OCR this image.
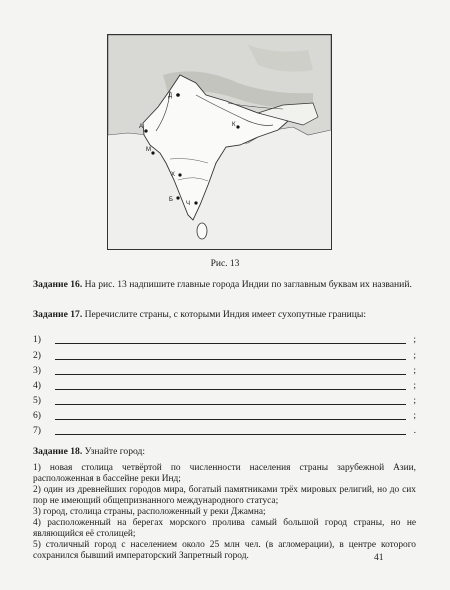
Д
А
М
Х
Б
Ч
К
Рис. 13
Задание 16. На рис. 13 надпишите главные города Индии по заглавным буквам их названий.
Задание 17. Перечислите страны, с которыми Индия имеет сухопутные границы:
1)	;
2)	;
3)	;
4)	;
5)	;
6)	;
7)	.
Задание 18. Узнайте город:
1) новая столица четвёртой по численности населения страны зарубежной Азии, расположенная в бассейне реки Инд;
2) один из древнейших городов мира, богатый памятниками трёх мировых религий, но до сих пор не имеющий общепризнанного международного статуса;
3) город, столица страны, расположенный у реки Джамна;
4) расположенный на берегах морского пролива самый большой город страны, но не являющийся её столицей;
5) столичный город с населением около 25 млн чел. (в агломерации), в центре которого сохранился бывший императорский Запретный город.	41
